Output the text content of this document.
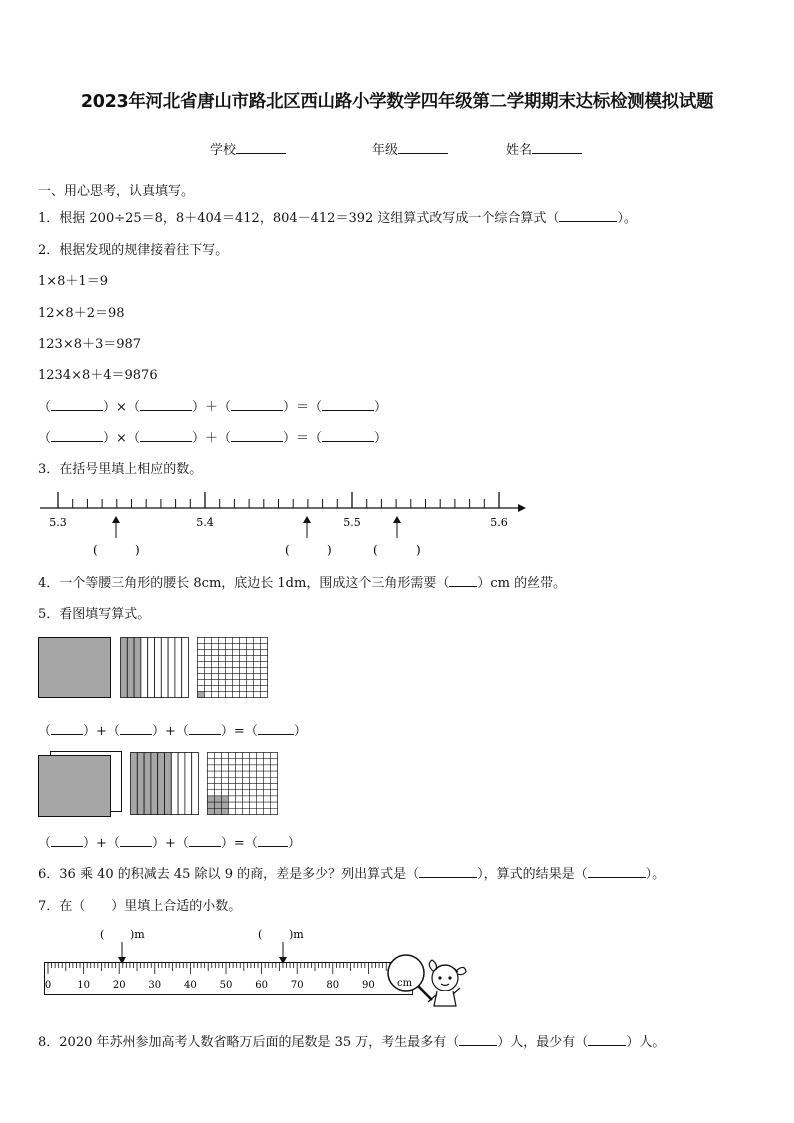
2023年河北省唐山市路北区西山路小学数学四年级第二学期期末达标检测模拟试题
学校	年级	姓名
一、用心思考，认真填写。
1．根据 200÷25＝8，8＋404＝412，804－412＝392 这组算式改写成一个综合算式（	）。
2．根据发现的规律接着往下写。
1×8＋1＝9
12×8＋2＝98
123×8＋3＝987
1234×8＋4＝9876
（	）×（	）＋（	）＝（	）
（	）×（	）＋（	）＝（	）
3．在括号里填上相应的数。
5.3	5.4	5.5	5.6
(	)	(	)	(	)
4．一个等腰三角形的腰长 8cm，底边长 1dm，围成这个三角形需要（ ）cm 的丝带。
5．看图填写算式。
（ ）+（ ）+（ ）=（	）
（ ）+（ ）+（ ）=（ ）
6．36 乘 40 的积减去 45 除以 9 的商，差是多少？列出算式是（	），算式的结果是（	）。
7．在（　　）里填上合适的小数。
( )m	( )m
0	10 20 30 40 50 60 70 80 90 cm
8．2020 年苏州参加高考人数省略万后面的尾数是 35 万，考生最多有（	）人，最少有（	）人。
